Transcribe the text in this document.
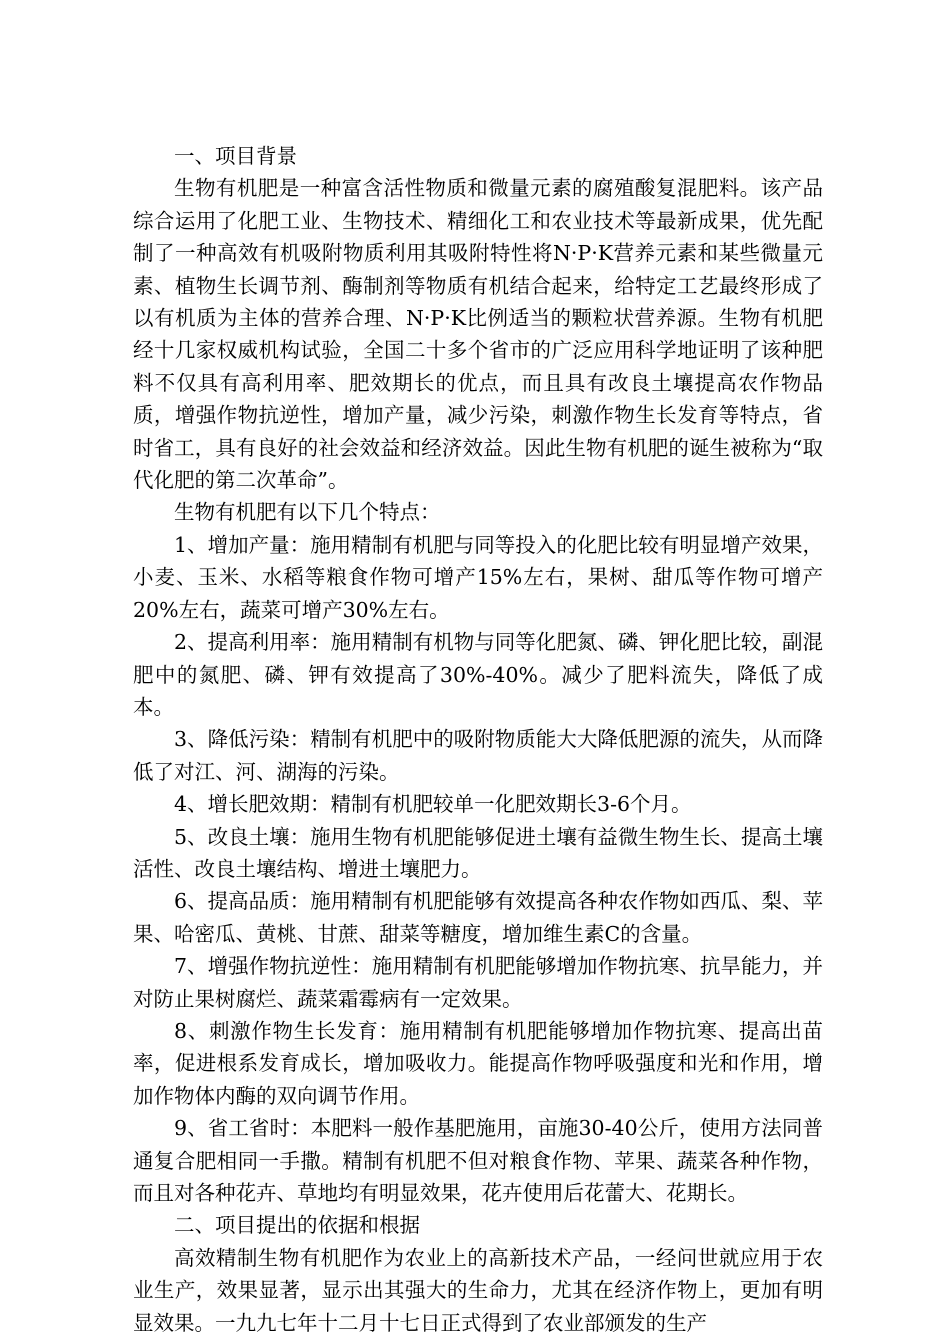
一、项目背景

生物有机肥是一种富含活性物质和微量元素的腐殖酸复混肥料。该产品综合运用了化肥工业、生物技术、精细化工和农业技术等最新成果，优先配制了一种高效有机吸附物质利用其吸附特性将N·P·K营养元素和某些微量元素、植物生长调节剂、酶制剂等物质有机结合起来，给特定工艺最终形成了以有机质为主体的营养合理、N·P·K比例适当的颗粒状营养源。生物有机肥经十几家权威机构试验，全国二十多个省市的广泛应用科学地证明了该种肥料不仅具有高利用率、肥效期长的优点，而且具有改良土壤提高农作物品质，增强作物抗逆性，增加产量，减少污染，刺激作物生长发育等特点，省时省工，具有良好的社会效益和经济效益。因此生物有机肥的诞生被称为“取代化肥的第二次革命”。

生物有机肥有以下几个特点：

1、增加产量：施用精制有机肥与同等投入的化肥比较有明显增产效果，小麦、玉米、水稻等粮食作物可增产15%左右，果树、甜瓜等作物可增产20%左右，蔬菜可增产30%左右。

2、提高利用率：施用精制有机物与同等化肥氮、磷、钾化肥比较，副混肥中的氮肥、磷、钾有效提高了30%-40%。减少了肥料流失，降低了成本。

3、降低污染：精制有机肥中的吸附物质能大大降低肥源的流失，从而降低了对江、河、湖海的污染。

4、增长肥效期：精制有机肥较单一化肥效期长3-6个月。

5、改良土壤：施用生物有机肥能够促进土壤有益微生物生长、提高土壤活性、改良土壤结构、增进土壤肥力。

6、提高品质：施用精制有机肥能够有效提高各种农作物如西瓜、梨、苹果、哈密瓜、黄桃、甘蔗、甜菜等糖度，增加维生素C的含量。

7、增强作物抗逆性：施用精制有机肥能够增加作物抗寒、抗旱能力，并对防止果树腐烂、蔬菜霜霉病有一定效果。

8、刺激作物生长发育：施用精制有机肥能够增加作物抗寒、提高出苗率，促进根系发育成长，增加吸收力。能提高作物呼吸强度和光和作用，增加作物体内酶的双向调节作用。

9、省工省时：本肥料一般作基肥施用，亩施30-40公斤，使用方法同普通复合肥相同一手撒。精制有机肥不但对粮食作物、苹果、蔬菜各种作物，而且对各种花卉、草地均有明显效果，花卉使用后花蕾大、花期长。

二、项目提出的依据和根据

高效精制生物有机肥作为农业上的高新技术产品，一经问世就应用于农业生产，效果显著，显示出其强大的生命力，尤其在经济作物上，更加有明显效果。一九九七年十二月十七日正式得到了农业部颁发的生产
